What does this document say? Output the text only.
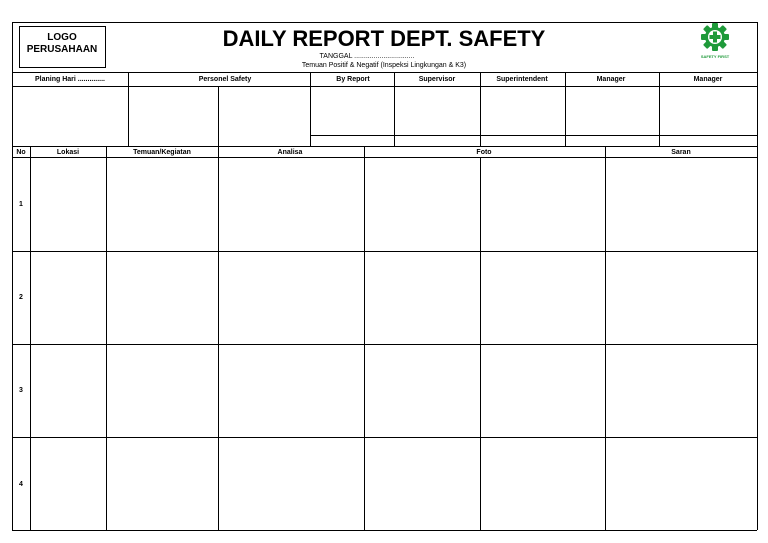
LOGO
PERUSAHAAN	DAILY REPORT DEPT. SAFETY
TANGGAL ...............................
Temuan Positif & Negatif (Inspeksi Lingkungan & K3)
SAFETY FIRST
Planing Hari ..............	Personel Safety	By Report	Supervisor	Superintendent	Manager	Manager
No	Lokasi	Temuan/Kegiatan	Analisa	Foto	Saran
1
2
3
4
